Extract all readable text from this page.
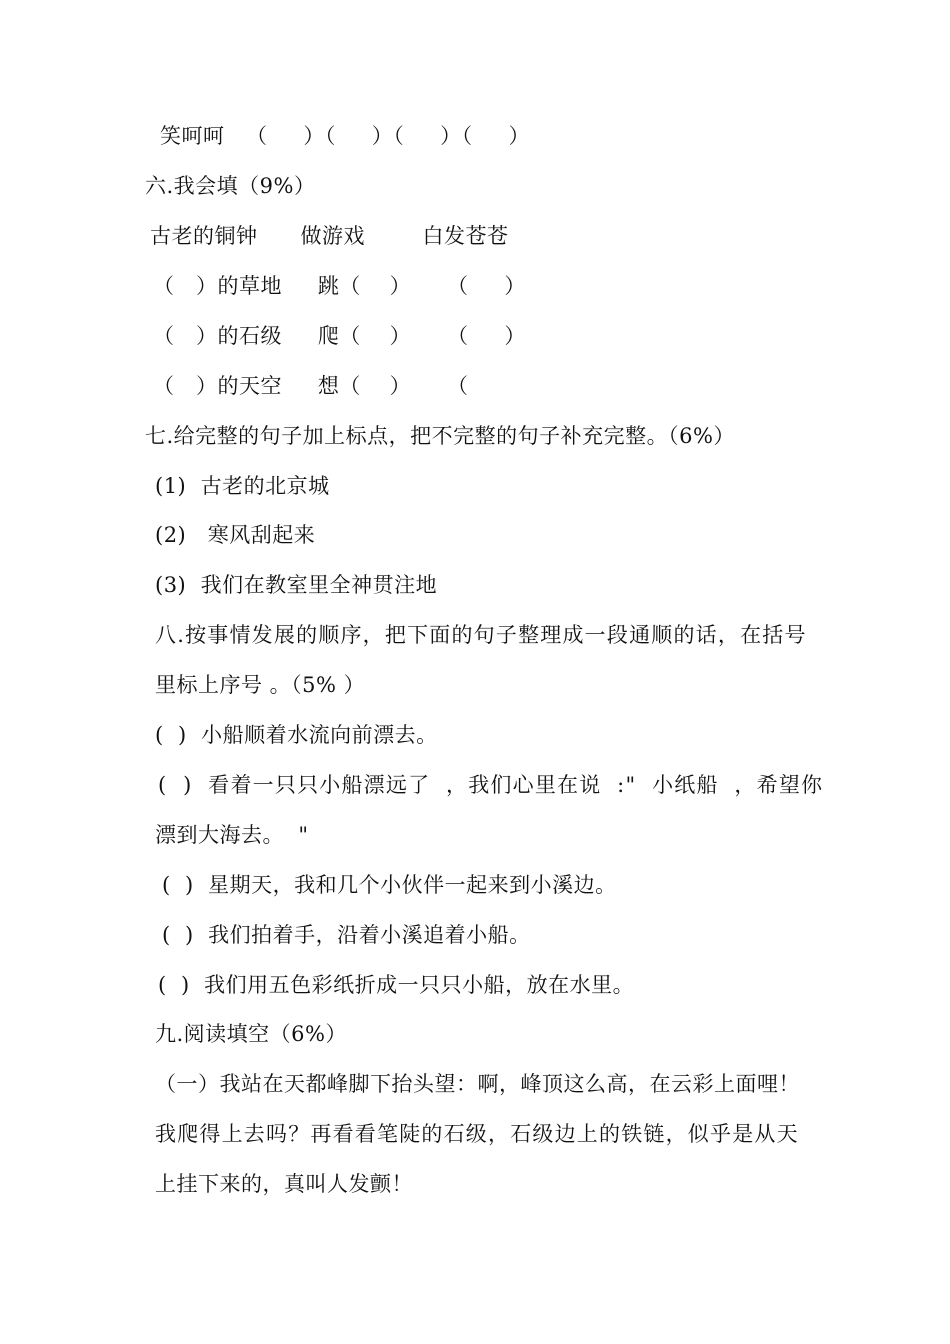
笑呵呵   （     ）（     ）（     ）（     ）
六.我会填（9%）
古老的铜钟      做游戏        白发苍苍
（   ）的草地     跳（    ）     （     ）
（   ）的石级     爬（    ）     （     ）
（   ）的天空     想（    ）     （
七.给完整的句子加上标点，把不完整的句子补充完整。（6%）
(1)  古老的北京城
(2)   寒风刮起来
(3)  我们在教室里全神贯注地
八.按事情发展的顺序，把下面的句子整理成一段通顺的话，在括号
里标上序号 。（5% ）
(  )  小船顺着水流向前漂去。
(  )  看着一只只小船漂远了  ，我们心里在说  :"  小纸船  ，希望你
漂到大海去。  "
(  )  星期天，我和几个小伙伴一起来到小溪边。
(  )  我们拍着手，沿着小溪追着小船。
(  )  我们用五色彩纸折成一只只小船，放在水里。
九.阅读填空（6%）
（一）我站在天都峰脚下抬头望：啊，峰顶这么高，在云彩上面哩！
我爬得上去吗？再看看笔陡的石级，石级边上的铁链，似乎是从天
上挂下来的，真叫人发颤！
